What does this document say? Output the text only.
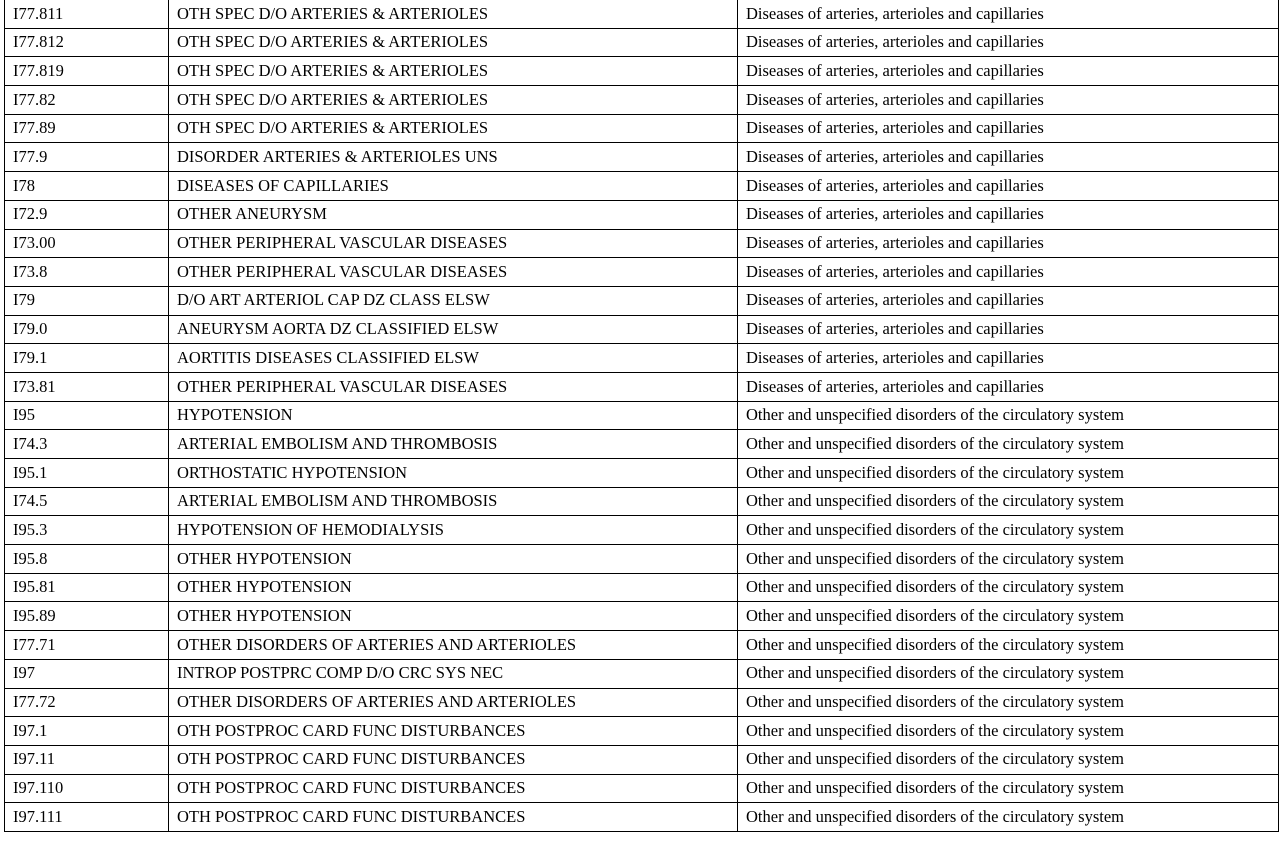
I77.811	OTH SPEC D/O ARTERIES & ARTERIOLES	Diseases of arteries, arterioles and capillaries
I77.812	OTH SPEC D/O ARTERIES & ARTERIOLES	Diseases of arteries, arterioles and capillaries
I77.819	OTH SPEC D/O ARTERIES & ARTERIOLES	Diseases of arteries, arterioles and capillaries
I77.82	OTH SPEC D/O ARTERIES & ARTERIOLES	Diseases of arteries, arterioles and capillaries
I77.89	OTH SPEC D/O ARTERIES & ARTERIOLES	Diseases of arteries, arterioles and capillaries
I77.9	DISORDER ARTERIES & ARTERIOLES UNS	Diseases of arteries, arterioles and capillaries
I78	DISEASES OF CAPILLARIES	Diseases of arteries, arterioles and capillaries
I72.9	OTHER ANEURYSM	Diseases of arteries, arterioles and capillaries
I73.00	OTHER PERIPHERAL VASCULAR DISEASES	Diseases of arteries, arterioles and capillaries
I73.8	OTHER PERIPHERAL VASCULAR DISEASES	Diseases of arteries, arterioles and capillaries
I79	D/O ART ARTERIOL CAP DZ CLASS ELSW	Diseases of arteries, arterioles and capillaries
I79.0	ANEURYSM AORTA DZ CLASSIFIED ELSW	Diseases of arteries, arterioles and capillaries
I79.1	AORTITIS DISEASES CLASSIFIED ELSW	Diseases of arteries, arterioles and capillaries
I73.81	OTHER PERIPHERAL VASCULAR DISEASES	Diseases of arteries, arterioles and capillaries
I95	HYPOTENSION	Other and unspecified disorders of the circulatory system
I74.3	ARTERIAL EMBOLISM AND THROMBOSIS	Other and unspecified disorders of the circulatory system
I95.1	ORTHOSTATIC HYPOTENSION	Other and unspecified disorders of the circulatory system
I74.5	ARTERIAL EMBOLISM AND THROMBOSIS	Other and unspecified disorders of the circulatory system
I95.3	HYPOTENSION OF HEMODIALYSIS	Other and unspecified disorders of the circulatory system
I95.8	OTHER HYPOTENSION	Other and unspecified disorders of the circulatory system
I95.81	OTHER HYPOTENSION	Other and unspecified disorders of the circulatory system
I95.89	OTHER HYPOTENSION	Other and unspecified disorders of the circulatory system
I77.71	OTHER DISORDERS OF ARTERIES AND ARTERIOLES	Other and unspecified disorders of the circulatory system
I97	INTROP POSTPRC COMP D/O CRC SYS NEC	Other and unspecified disorders of the circulatory system
I77.72	OTHER DISORDERS OF ARTERIES AND ARTERIOLES	Other and unspecified disorders of the circulatory system
I97.1	OTH POSTPROC CARD FUNC DISTURBANCES	Other and unspecified disorders of the circulatory system
I97.11	OTH POSTPROC CARD FUNC DISTURBANCES	Other and unspecified disorders of the circulatory system
I97.110	OTH POSTPROC CARD FUNC DISTURBANCES	Other and unspecified disorders of the circulatory system
I97.111	OTH POSTPROC CARD FUNC DISTURBANCES	Other and unspecified disorders of the circulatory system
